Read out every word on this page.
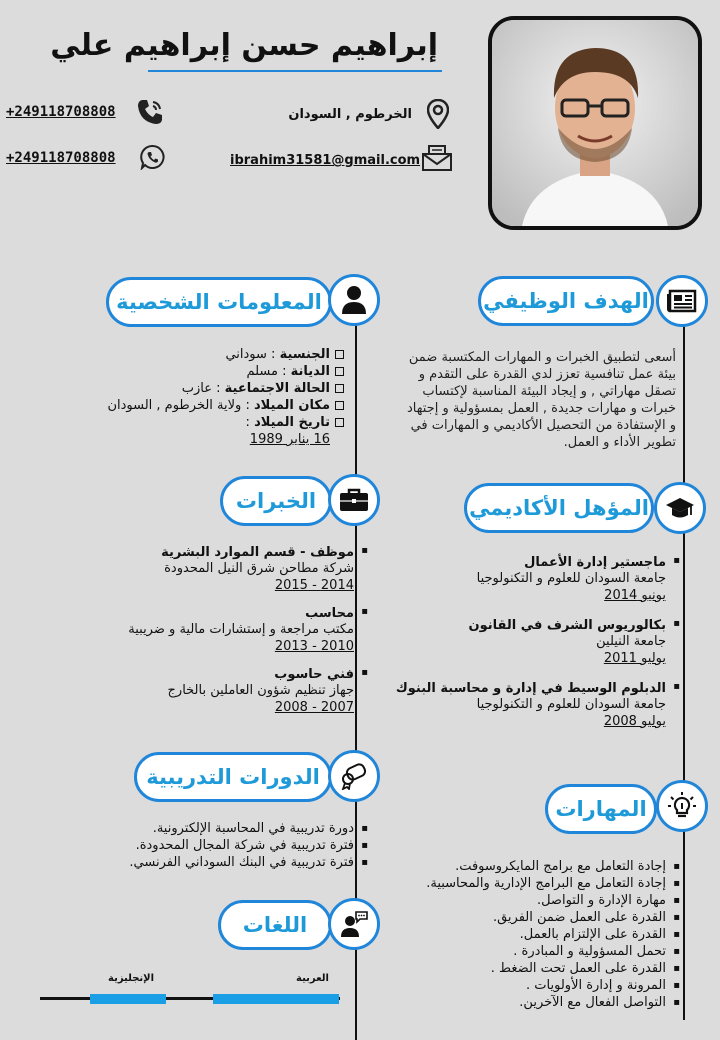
إبراهيم حسن إبراهيم علي
الخرطوم , السودان
ibrahim31581@gmail.com
+249118708808
+249118708808
الهدف الوظيفي
أسعى لتطبيق الخبرات و المهارات المكتسبة ضمن بيئة عمل تنافسية تعزز لدي القدرة على التقدم و تصقل مهاراتي , و إيجاد البيئة المناسبة لإكتساب خبرات و مهارات جديدة , العمل بمسؤولية و إجتهاد و الإستفادة من التحصيل الأكاديمي و المهارات في تطوير الأداء و العمل.
المؤهل الأكاديمي
▪
ماجستير إدارة الأعمال
جامعة السودان للعلوم و التكنولوجيا
يونيو 2014
▪
بكالوريوس الشرف في القانون
جامعة النيلين
يوليو 2011
▪
الدبلوم الوسيط في إدارة و محاسبة البنوك
جامعة السودان للعلوم و التكنولوجيا
يوليو 2008
المهارات
▪ إجادة التعامل مع برامج المايكروسوفت.
▪ إجادة التعامل مع البرامج الإدارية والمحاسبية.
▪ مهارة الإدارة و التواصل.
▪ القدرة على العمل ضمن الفريق.
▪ القدرة على الإلتزام بالعمل.
▪ تحمل المسؤولية و المبادرة .
▪ القدرة على العمل تحت الضغط .
▪ المرونة و إدارة الأولويات .
▪ التواصل الفعال مع الآخرين.
المعلومات الشخصية
الجنسية : سوداني
الديانة : مسلم
الحالة الاجتماعية : عازب
مكان الميلاد : ولاية الخرطوم , السودان
تاريخ الميلاد :
16 يناير 1989
الخبرات
▪
موظف - قسم الموارد البشرية
شركة مطاحن شرق النيل المحدودة
2014 - 2015
▪
محاسب
مكتب مراجعة و إستشارات مالية و ضريبية
2010 - 2013
▪
فني حاسوب
جهاز تنظيم شؤون العاملين بالخارج
2007 - 2008
الدورات التدريبية
▪ دورة تدريبية في المحاسبة الإلكترونية.
▪ فترة تدريبية في شركة المجال المحدودة.
▪ فترة تدريبية في البنك السوداني الفرنسي.
اللغات
العربية
الإنجليزية
